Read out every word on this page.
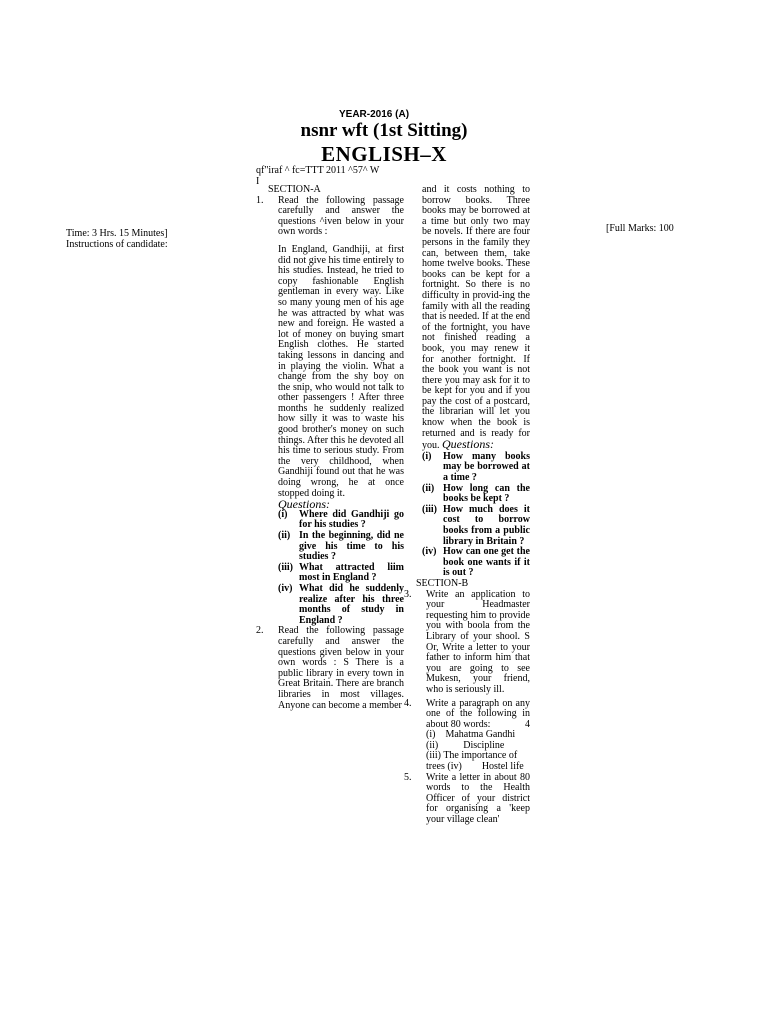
YEAR-2016 (A)
nsnr wft (1st Sitting)
ENGLISH–X
qf"iraf ^ fc=TTT 2011 ^57^ W
I
Time: 3 Hrs. 15 Minutes]
Instructions of candidate:
[Full Marks: 100
SECTION-A
1.	Read the following passage carefully and answer the questions ^iven below in your own words :
In England, Gandhiji, at first did not give his time entirely to his studies. Instead, he tried to copy fashionable English gentleman in every way. Like so many young men of his age he was attracted by what was new and foreign. He wasted a lot of money on buying smart English clothes. He started taking lessons in dancing and in playing the violin. What a change from the shy boy on the snip, who would not talk to other passengers ! After three months he suddenly realized how silly it was to waste his good brother's money on such things. After this he devoted all his time to serious study. From the very childhood, when Gandhiji found out that he was doing wrong, he at once stopped doing it.
Questions:
(i)	Where did Gandhiji go for his studies ?
(ii) In the beginning, did ne give his time to his studies ?
(iii) What attracted liim most in England ?
(iv) What did he suddenly realize after his three months of study in England ?
2.	Read the following passage carefully and answer the questions given below in your own words : S There is a public library in every town in Great Britain. There are branch libraries in most villages. Anyone can become a member
and it costs nothing to borrow books. Three books may be borrowed at a time but only two may be novels. If there are four persons in the family they can, between them, take home twelve books. These books can be kept for a fortnight. So there is no difficulty in provid-ing the family with all the reading that is needed. If at the end of the fortnight, you have not finished reading a book, you may renew it for another fortnight. If the book you want is not there you may ask for it to be kept for you and if you pay the cost of a postcard, the librarian will let you know when the book is returned and is ready for you. Questions:
(i)	How many books may be borrowed at a time ?
(ii) How long can the books be kept ?
(iii) How much does it cost to borrow books from a public library in Britain ?
(iv) How can one get the book one wants if it is out ?
SECTION-B
3.	Write an application to your Headmaster requesting him to provide you with boola from the Library of your shool. S Or, Write a letter to your father to inform him that you are going to see Mukesn, your friend, who is seriously ill.
4.	Write a paragraph on any one of the following in about 80 words:	4
(i)    Mahatma Gandhi
(ii)          Discipline
(iii) The importance of trees (iv)        Hostel life
5.	Write a letter in about 80 words to the Health Officer of your district for organising a 'keep your village clean'
